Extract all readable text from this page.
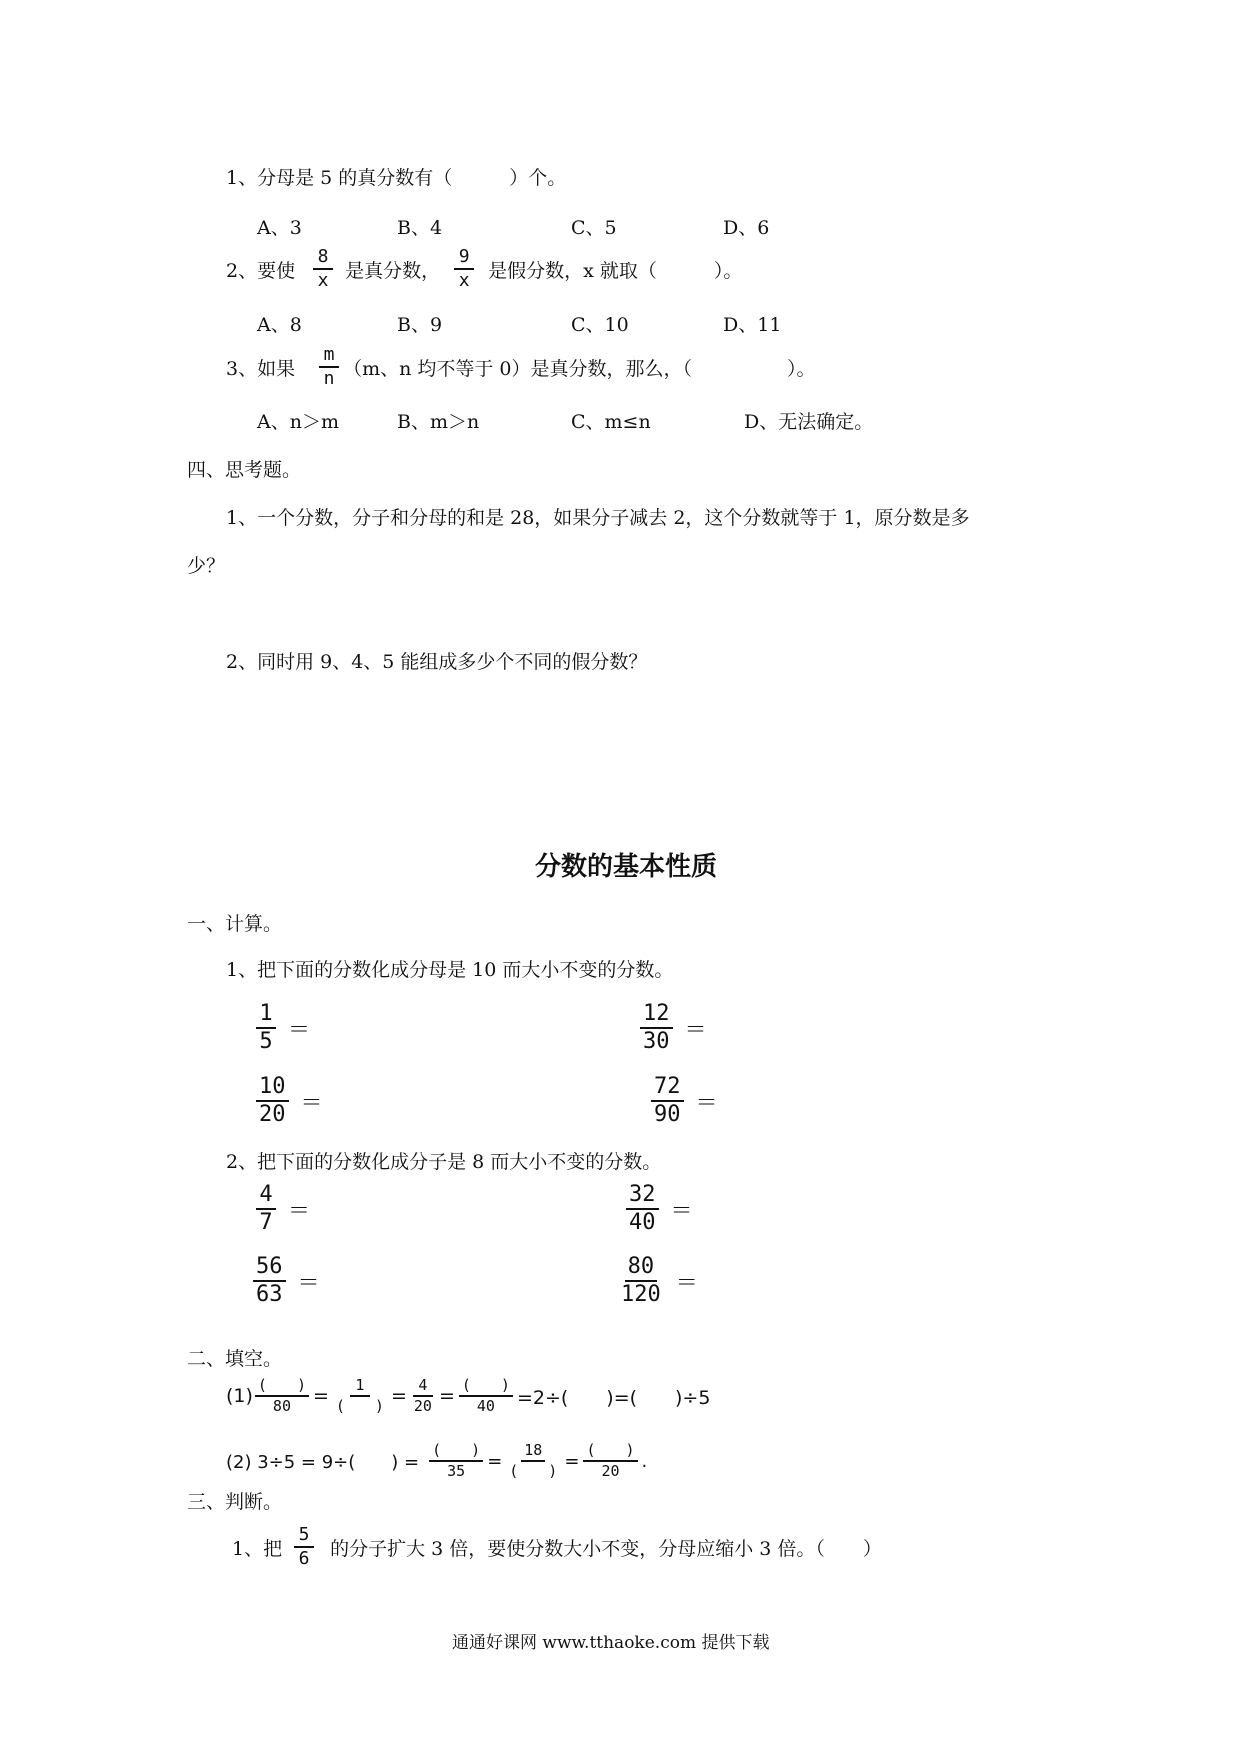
1、分母是 5 的真分数有（　　　）个。
A、3	B、4	C、5	D、6
2、要使 $\frac{8}{x}$ 是真分数， $\frac{9}{x}$ 是假分数，x 就取（　　　）。
A、8	B、9	C、10	D、11
3、如果 $\frac{m}{n} (m$、n 均不等于 0）是真分数，那么，（　　　　　）。
A、n＞m	B、m＞n	C、m≤n	D、无法确定。
四、思考题。
1、一个分数，分子和分母的和是 28，如果分子减去 2，这个分数就等于 1，原分数是多
少？
2、同时用 9、4、5 能组成多少个不同的假分数？
分数的基本性质
一、计算。
1、把下面的分数化成分母是 10 而大小不变的分数。
$\frac{1}{5}$ ＝	$\frac{12}{30}$ ＝
$\frac{10}{20}$ ＝	$\frac{72}{90}$ ＝
2、把下面的分数化成分子是 8 而大小不变的分数。
$\frac{4}{7}$ ＝	$\frac{32}{40}$ ＝
$\frac{56}{63}$ ＝	$\frac{80}{120}$ ＝
二、填空。
$(1) \frac{( )}{80} = \frac{1}{( )} = \frac{4}{20} = \frac{( )}{40} =2\div$(　　)=(　　)÷5
(2) 3÷5 = 9÷(　　) = $\frac{( )}{35} = \frac{18}{( )} = \frac{( )}{20}$ .
三、判断。
1、把 $\frac{5}{6}$ 的分子扩大 3 倍，要使分数大小不变，分母应缩小 3 倍。（　　）
通通好课网 www.tthaoke.com 提供下载
